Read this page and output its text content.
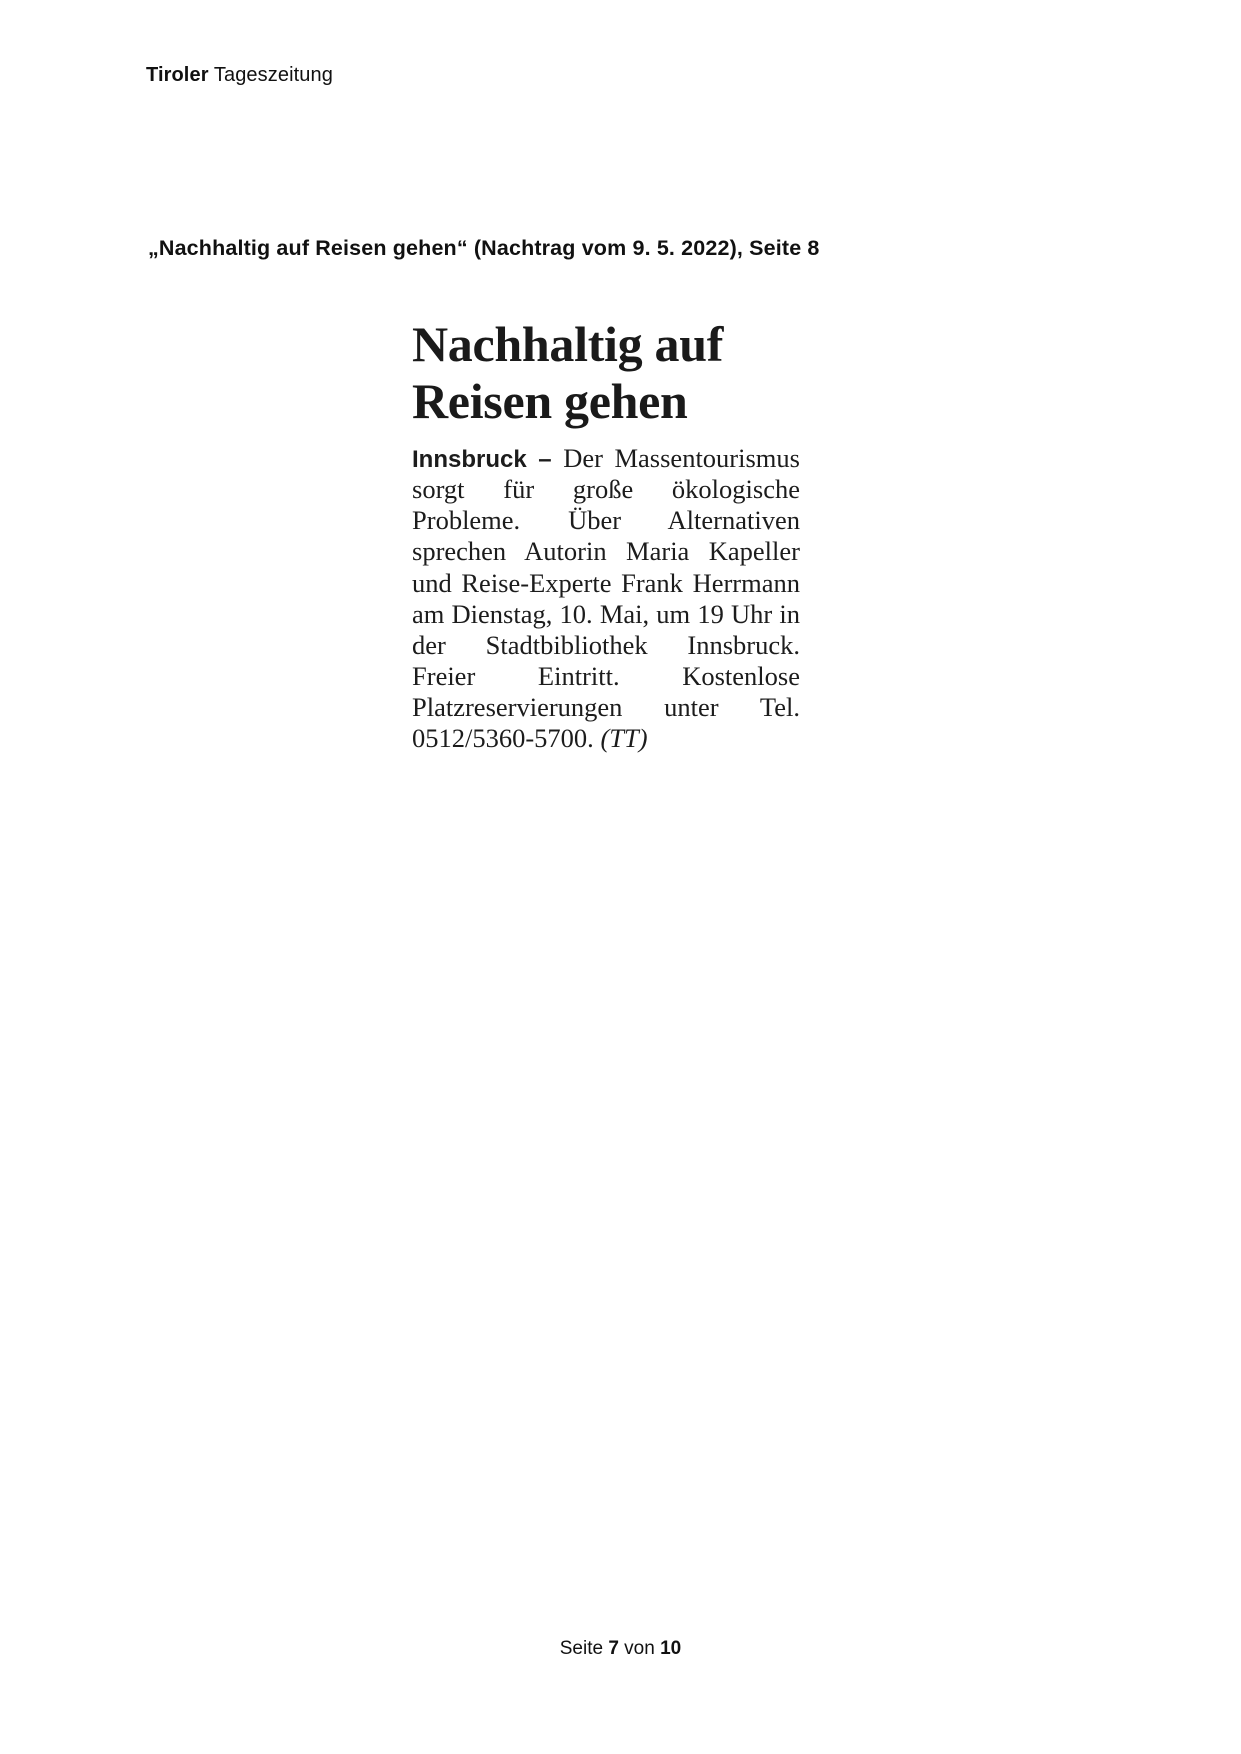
Tiroler Tageszeitung
„Nachhaltig auf Reisen gehen“ (Nachtrag vom 9. 5. 2022), Seite 8
Nachhaltig auf
Reisen gehen

Innsbruck – Der Massentourismus sorgt für große ökologische Probleme. Über Alternativen sprechen Autorin Maria Kapeller und Reise-Experte Frank Herrmann am Dienstag, 10. Mai, um 19 Uhr in der Stadtbibliothek Innsbruck. Freier Eintritt. Kostenlose Platzreservierungen unter Tel. 0512/5360-5700. (TT)

Seite 7 von 10
